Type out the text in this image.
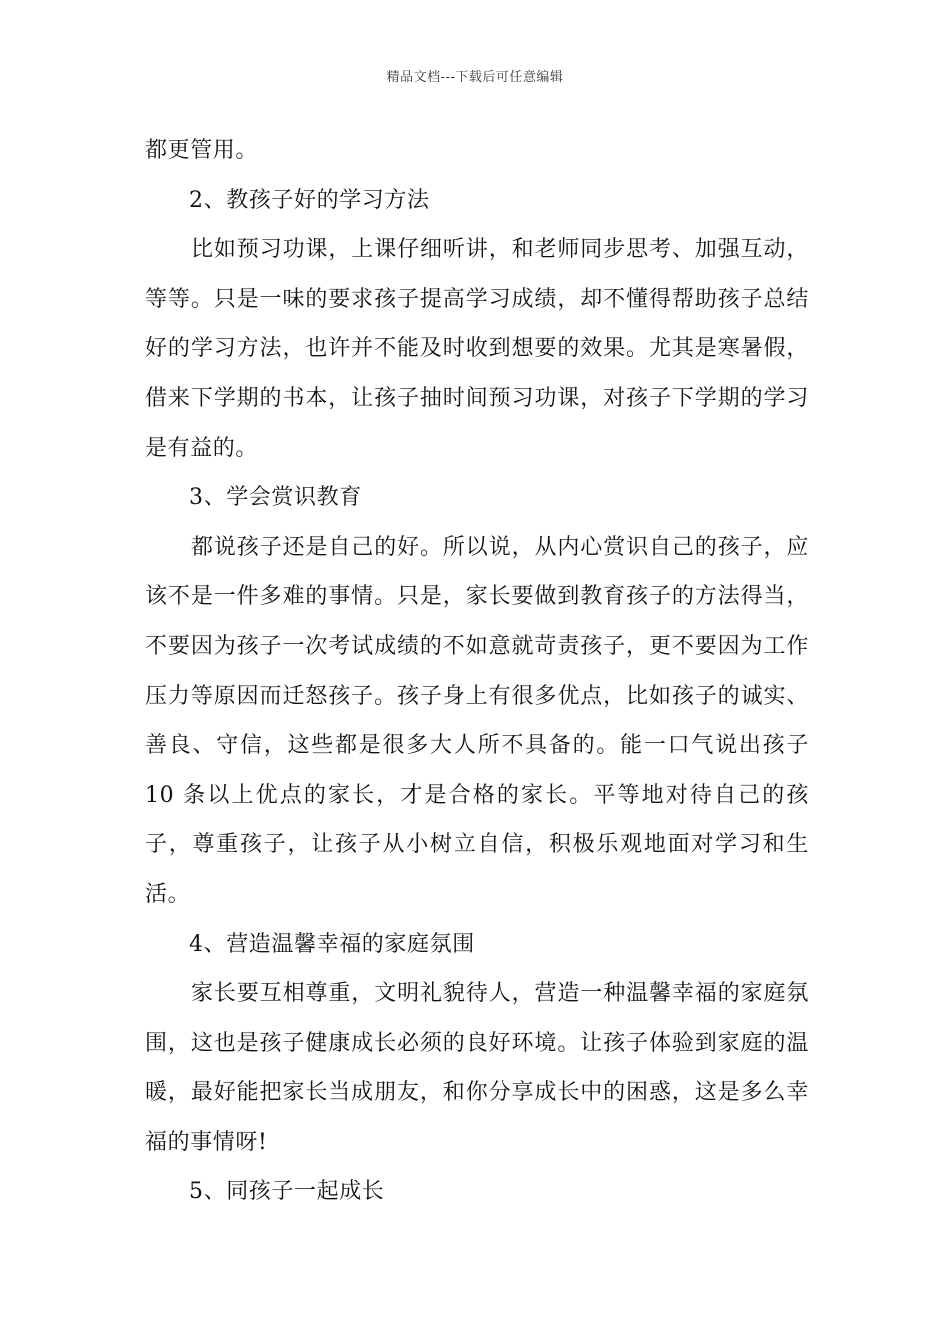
精品文档---下载后可任意编辑

都更管用。

2、教孩子好的学习方法

比如预习功课，上课仔细听讲，和老师同步思考、加强互动，等等。只是一味的要求孩子提高学习成绩，却不懂得帮助孩子总结好的学习方法，也许并不能及时收到想要的效果。尤其是寒暑假，借来下学期的书本，让孩子抽时间预习功课，对孩子下学期的学习是有益的。

3、学会赏识教育

都说孩子还是自己的好。所以说，从内心赏识自己的孩子，应该不是一件多难的事情。只是，家长要做到教育孩子的方法得当，不要因为孩子一次考试成绩的不如意就苛责孩子，更不要因为工作压力等原因而迁怒孩子。孩子身上有很多优点，比如孩子的诚实、善良、守信，这些都是很多大人所不具备的。能一口气说出孩子 10 条以上优点的家长，才是合格的家长。平等地对待自己的孩子，尊重孩子，让孩子从小树立自信，积极乐观地面对学习和生活。

4、营造温馨幸福的家庭氛围

家长要互相尊重，文明礼貌待人，营造一种温馨幸福的家庭氛围，这也是孩子健康成长必须的良好环境。让孩子体验到家庭的温暖，最好能把家长当成朋友，和你分享成长中的困惑，这是多么幸福的事情呀!

5、同孩子一起成长
